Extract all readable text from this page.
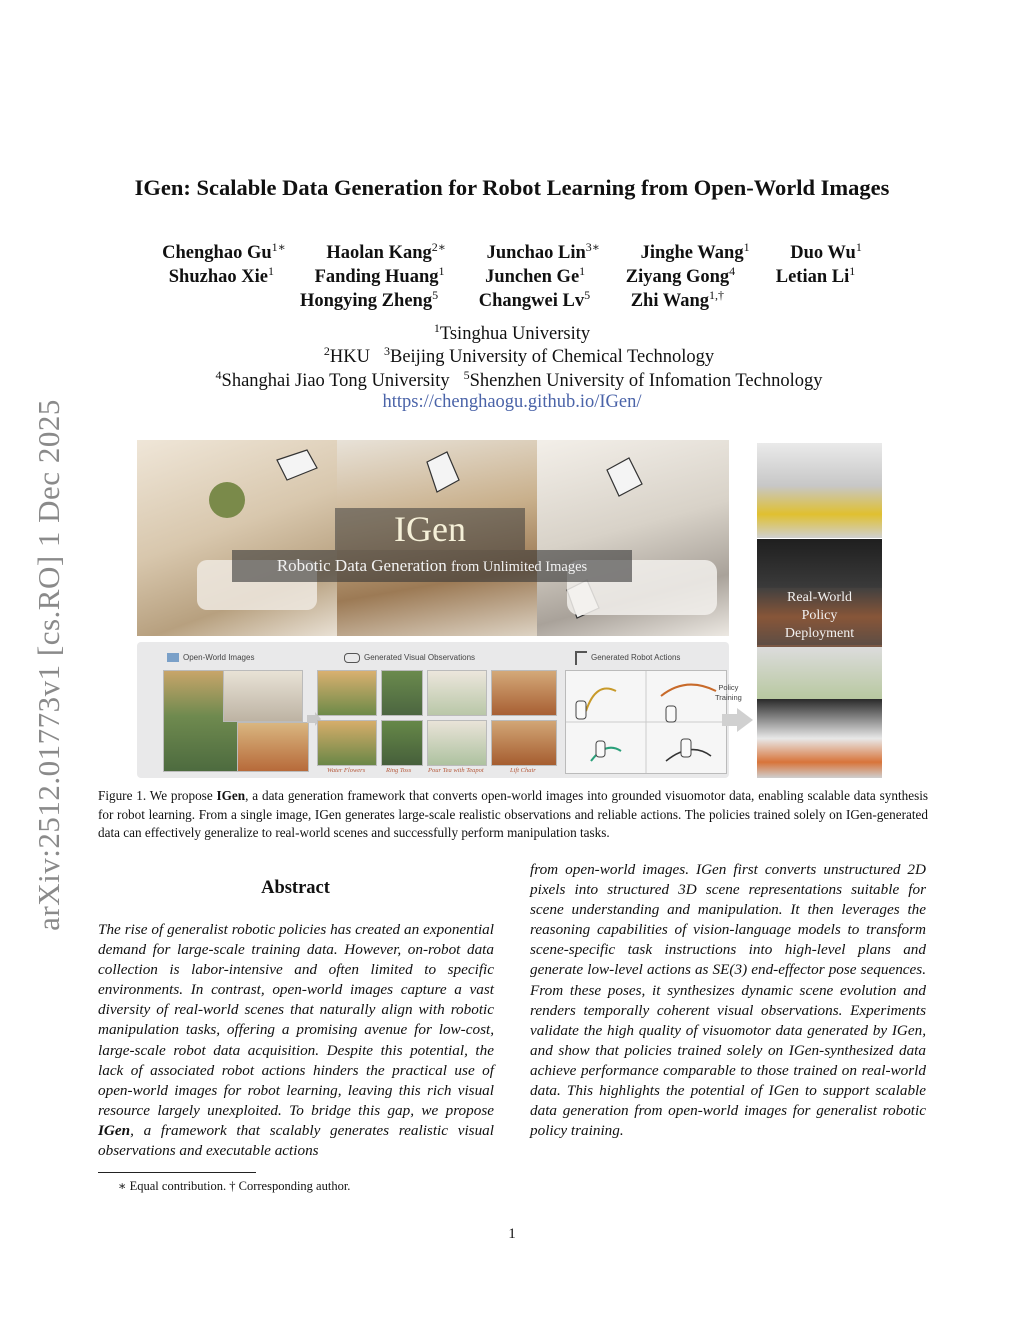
arXiv:2512.01773v1 [cs.RO] 1 Dec 2025
IGen: Scalable Data Generation for Robot Learning from Open-World Images
Chenghao $Gu^{1∗}$ Haolan Kang$^{2∗}$ Junchao Lin$^{3∗}$ Jinghe Wang$^1$ Duo Wu$^1$
Shuzhao Xie$^1$ Fanding Huang$^1$ Junchen Ge$^1$ Ziyang Gong$^4$ Letian Li$^1$
Hongying Zheng$^5$ Changwei Lv$^5$ Zhi Wang$^{1,\dagger}$
$^1$Tsinghua University
$^2$HKU $^3$Beijing University of Chemical Technology
$^4$Shanghai Jiao Tong University $^5$Shenzhen University of Infomation Technology
https://chenghaogu.github.io/IGen/
IGen
Robotic Data Generation from Unlimited Images
Open-World Images	Generated Visual Observations	Generated Robot Actions
Water Flowers	Ring Toss	Pour Tea with Teapot	Lift Chair
Policy
Training
Real-World
Policy
Deployment
Figure 1. We propose IGen, a data generation framework that converts open-world images into grounded visuomotor data, enabling scalable data synthesis for robot learning. From a single image, IGen generates large-scale realistic observations and reliable actions. The policies trained solely on IGen-generated data can effectively generalize to real-world scenes and successfully perform manipulation tasks.
Abstract
The rise of generalist robotic policies has created an exponential demand for large-scale training data. However, on-robot data collection is labor-intensive and often limited to specific environments. In contrast, open-world images capture a vast diversity of real-world scenes that naturally align with robotic manipulation tasks, offering a promising avenue for low-cost, large-scale robot data acquisition. Despite this potential, the lack of associated robot actions hinders the practical use of open-world images for robot learning, leaving this rich visual resource largely unexploited. To bridge this gap, we propose IGen, a framework that scalably generates realistic visual observations and executable actions
from open-world images. IGen first converts unstructured 2D pixels into structured 3D scene representations suitable for scene understanding and manipulation. It then leverages the reasoning capabilities of vision-language models to transform scene-specific task instructions into high-level plans and generate low-level actions as SE(3) end-effector pose sequences. From these poses, it synthesizes dynamic scene evolution and renders temporally coherent visual observations. Experiments validate the high quality of visuomotor data generated by IGen, and show that policies trained solely on IGen-synthesized data achieve performance comparable to those trained on real-world data. This highlights the potential of IGen to support scalable data generation from open-world images for generalist robotic policy training.
∗ Equal contribution. † Corresponding author.
1
